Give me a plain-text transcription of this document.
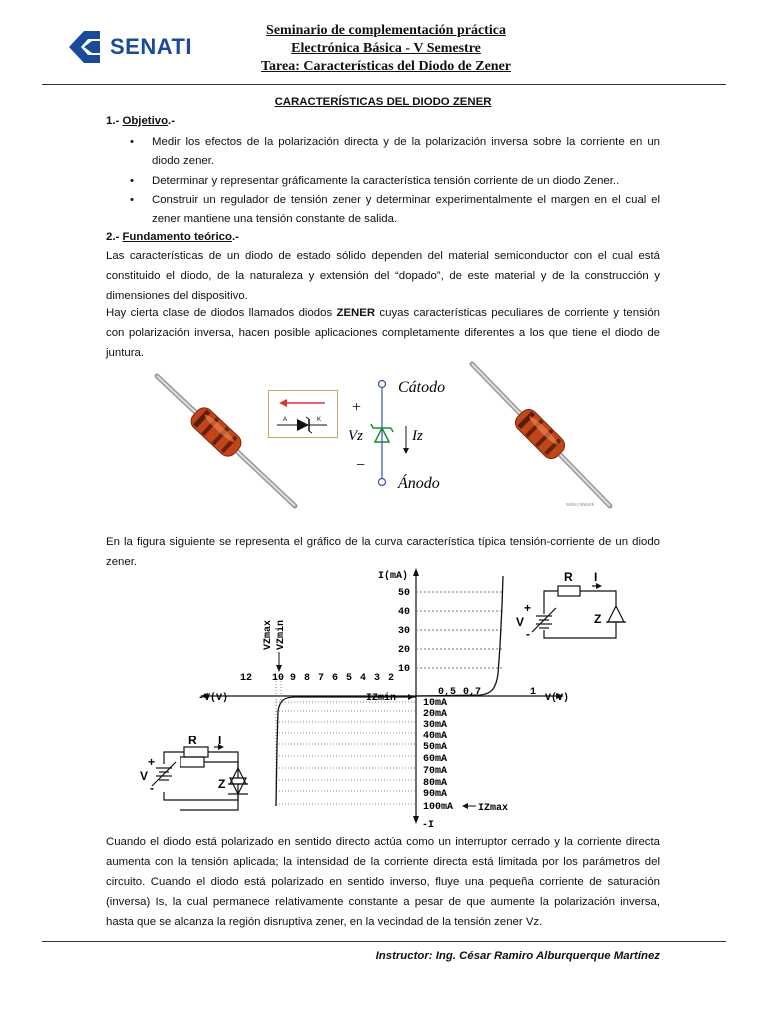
SENATI
Seminario de complementación práctica
Electrónica Básica - V Semestre
Tarea: Características del Diodo de Zener
CARACTERÍSTICAS DEL DIODO ZENER
1.- Objetivo.-
• Medir los efectos de la polarización directa y de la polarización inversa sobre la corriente en un diodo zener.
• Determinar y representar gráficamente la característica tensión corriente de un diodo Zener..
• Construir un regulador de tensión zener y determinar experimentalmente el margen en el cual el zener mantiene una tensión constante de salida.
2.- Fundamento teórico.-
Las características de un diodo de estado sólido dependen del material semiconductor con el cual está constituido el diodo, de la naturaleza y extensión del “dopado”, de este material y de la construcción y dimensiones del dispositivo.
Hay cierta clase de diodos llamados diodos ZENER cuyas características peculiares de corriente y tensión con polarización inversa, hacen posible aplicaciones completamente diferentes a los que tiene el diodo de juntura.
A	K
Cátodo
Ánodo
+
Vz	Iz
−
www.newark
En la figura siguiente se representa el gráfico de la curva característica típica tensión-corriente de un diodo zener.
I(mA)
50
40
30
20
10
-V(V)	V(V)
0,5 0,7	1
12 10 9 8 7 6 5 4 3 2
VZmax VZmin
IZmin	10mA
20mA
30mA
40mA
50mA
60mA
70mA
80mA
90mA
100mA IZmax
-I
R I
V	Z
+
-
R I
V
Z
+
-
Cuando el diodo está polarizado en sentido directo actúa como un interruptor cerrado y la corriente directa aumenta con la tensión aplicada; la intensidad de la corriente directa está limitada por los parámetros del circuito. Cuando el diodo está polarizado en sentido inverso, fluye una pequeña corriente de saturación (inversa) Is, la cual permanece relativamente constante a pesar de que aumente la polarización inversa, hasta que se alcanza la región disruptiva zener, en la vecindad de la tensión zener Vz.
Instructor: Ing. César Ramiro Alburquerque Martínez
